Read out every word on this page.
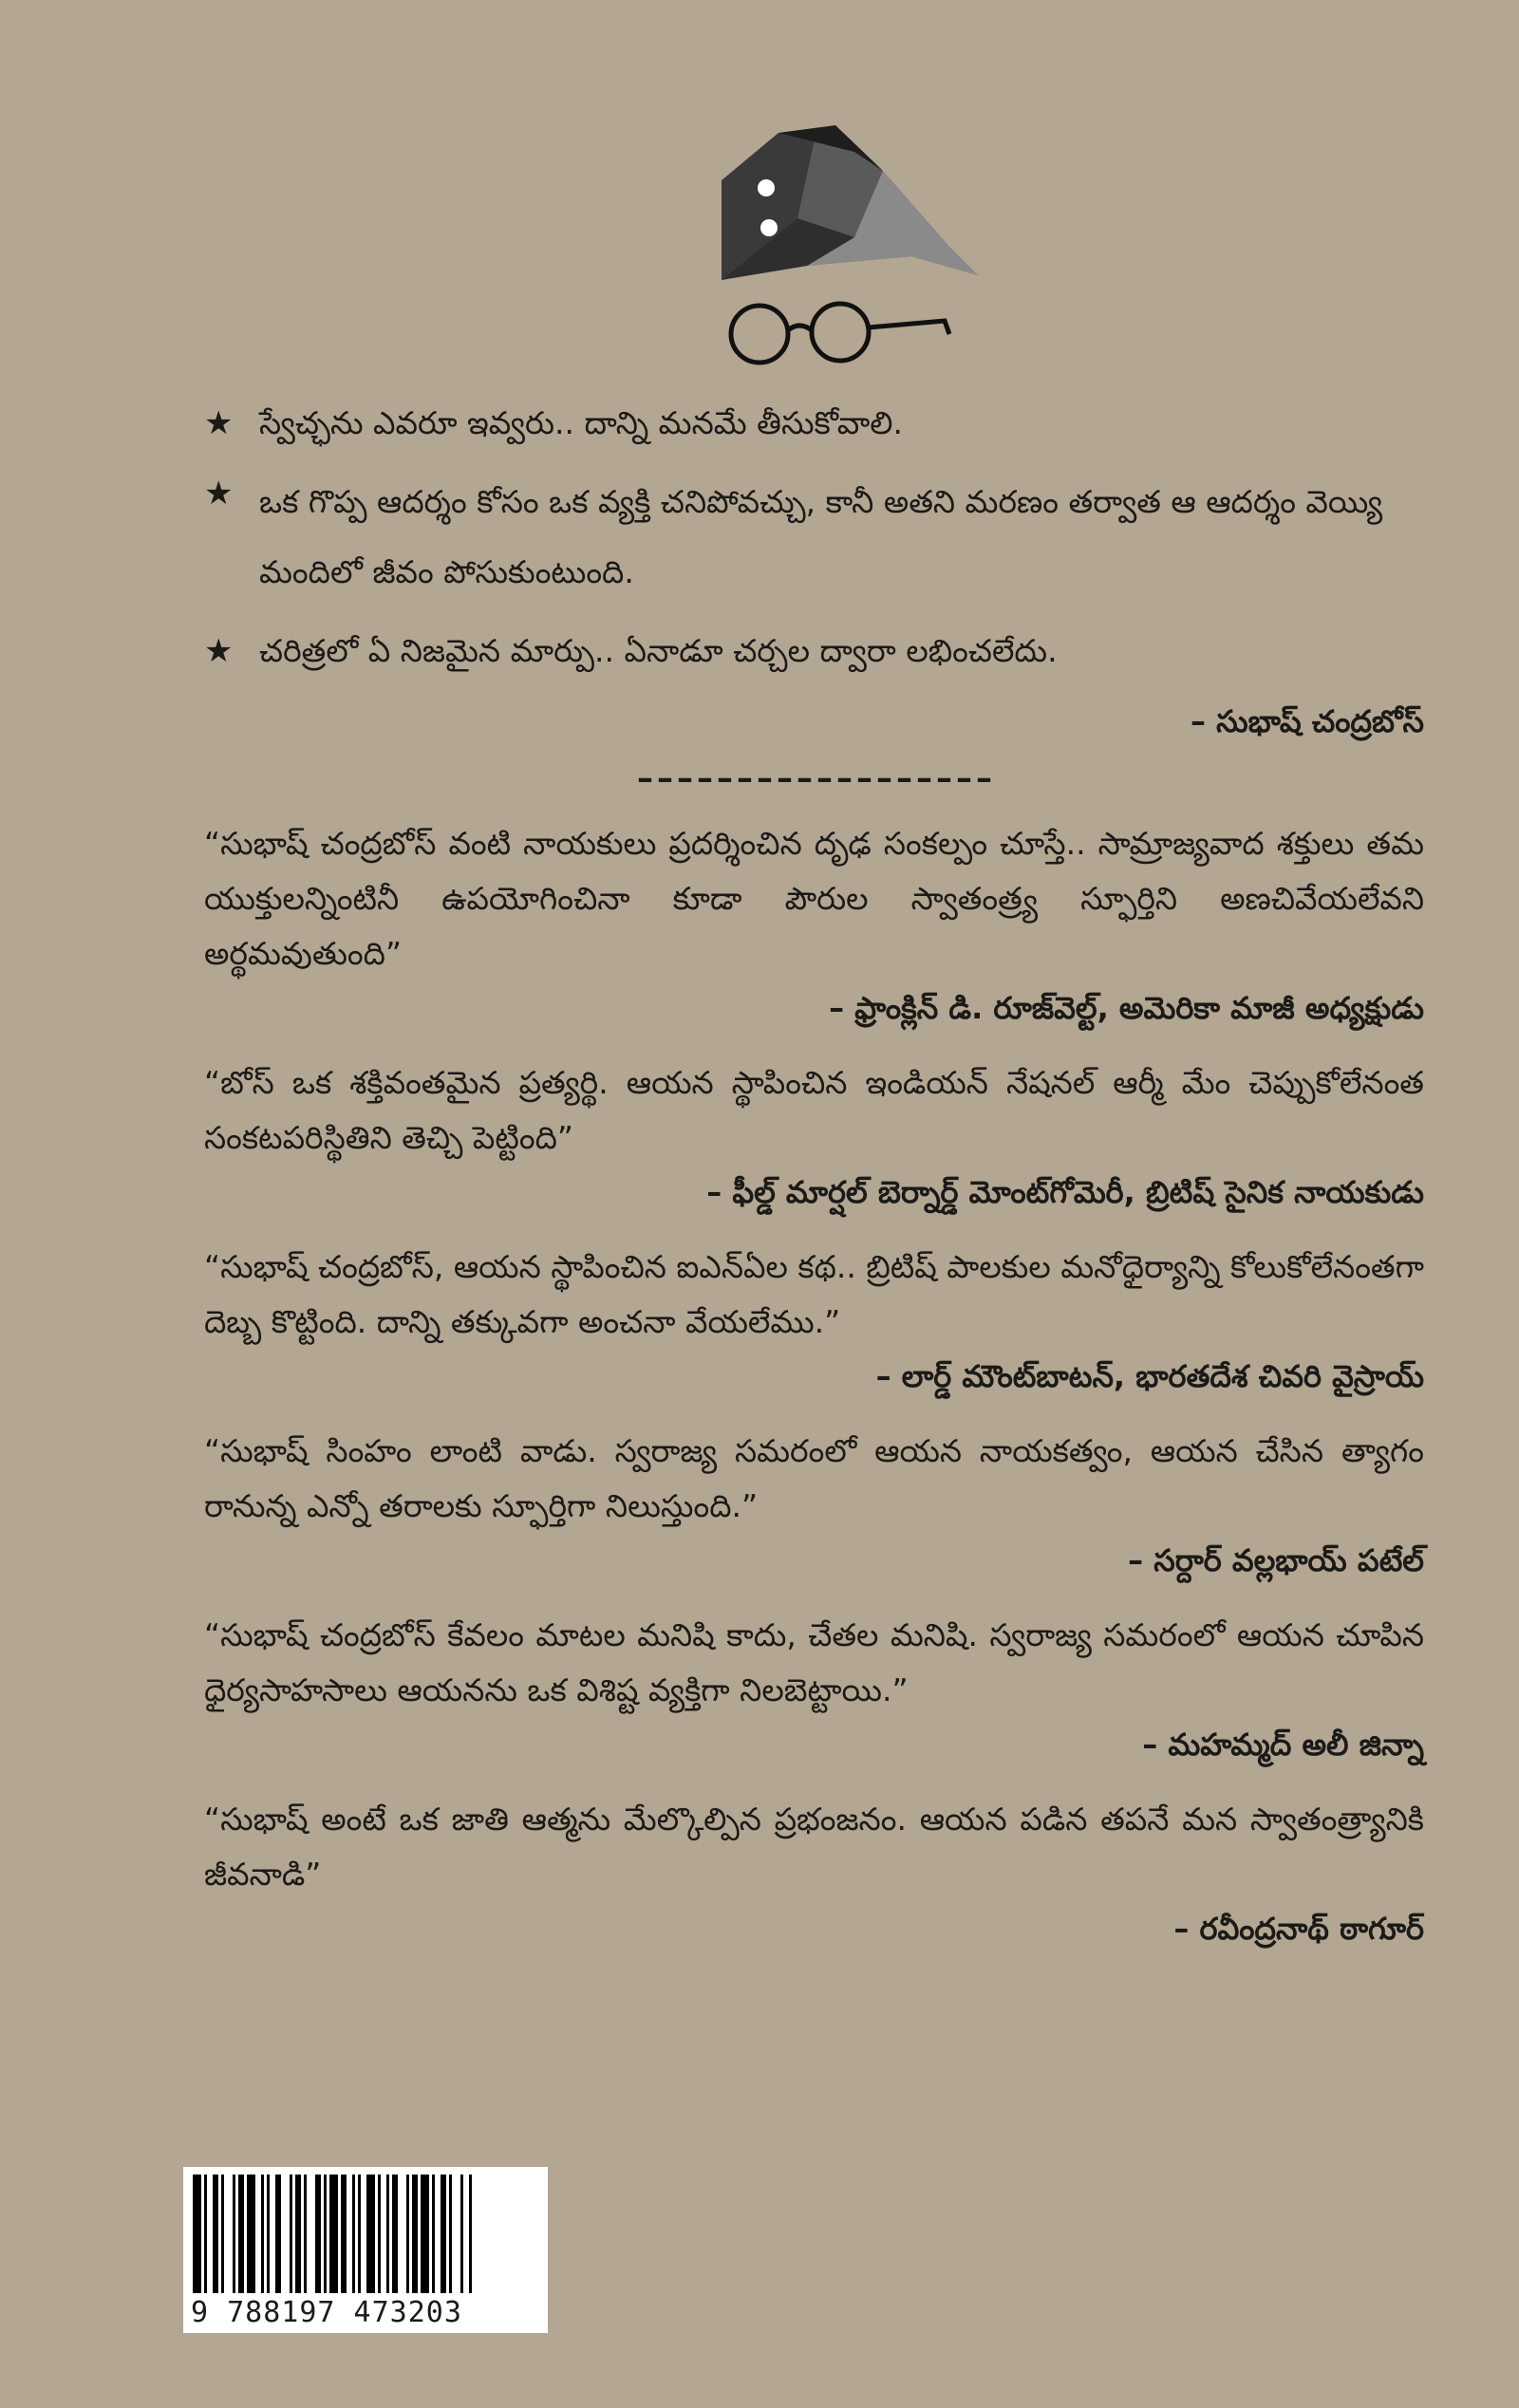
★ స్వేచ్ఛను ఎవరూ ఇవ్వరు.. దాన్ని మనమే తీసుకోవాలి.
★ ఒక గొప్ప ఆదర్శం కోసం ఒక వ్యక్తి చనిపోవచ్చు, కానీ అతని మరణం తర్వాత ఆ ఆదర్శం వెయ్యి మందిలో జీవం పోసుకుంటుంది.
★ చరిత్రలో ఏ నిజమైన మార్పు.. ఏనాడూ చర్చల ద్వారా లభించలేదు.
– సుభాష్ చంద్రబోస్
––––––––––––––––––
“సుభాష్ చంద్రబోస్ వంటి నాయకులు ప్రదర్శించిన దృఢ సంకల్పం చూస్తే.. సామ్రాజ్యవాద శక్తులు తమ యుక్తులన్నింటినీ ఉపయోగించినా కూడా పౌరుల స్వాతంత్ర్య స్ఫూర్తిని అణచివేయలేవని అర్థమవుతుంది”
– ఫ్రాంక్లిన్ డి. రూజ్‌వెల్ట్, అమెరికా మాజీ అధ్యక్షుడు
“బోస్ ఒక శక్తివంతమైన ప్రత్యర్థి. ఆయన స్థాపించిన ఇండియన్ నేషనల్ ఆర్మీ మేం చెప్పుకోలేనంత సంకటపరిస్థితిని తెచ్చి పెట్టింది”
– ఫీల్డ్ మార్షల్ బెర్నార్డ్ మోంట్‌గోమెరీ, బ్రిటిష్ సైనిక నాయకుడు
“సుభాష్ చంద్రబోస్, ఆయన స్థాపించిన ఐఎన్ఏల కథ.. బ్రిటిష్ పాలకుల మనోధైర్యాన్ని కోలుకోలేనంతగా దెబ్బ కొట్టింది. దాన్ని తక్కువగా అంచనా వేయలేము.”
– లార్డ్ మౌంట్‌బాటన్, భారతదేశ చివరి వైస్రాయ్
“సుభాష్ సింహం లాంటి వాడు. స్వరాజ్య సమరంలో ఆయన నాయకత్వం, ఆయన చేసిన త్యాగం రానున్న ఎన్నో తరాలకు స్ఫూర్తిగా నిలుస్తుంది.”
– సర్దార్ వల్లభాయ్ పటేల్
“సుభాష్ చంద్రబోస్ కేవలం మాటల మనిషి కాదు, చేతల మనిషి. స్వరాజ్య సమరంలో ఆయన చూపిన ధైర్యసాహసాలు ఆయనను ఒక విశిష్ట వ్యక్తిగా నిలబెట్టాయి.”
– మహమ్మద్ అలీ జిన్నా
“సుభాష్ అంటే ఒక జాతి ఆత్మను మేల్కొల్పిన ప్రభంజనం. ఆయన పడిన తపనే మన స్వాతంత్ర్యానికి జీవనాడి”
– రవీంద్రనాథ్ ఠాగూర్
9 788197 473203
